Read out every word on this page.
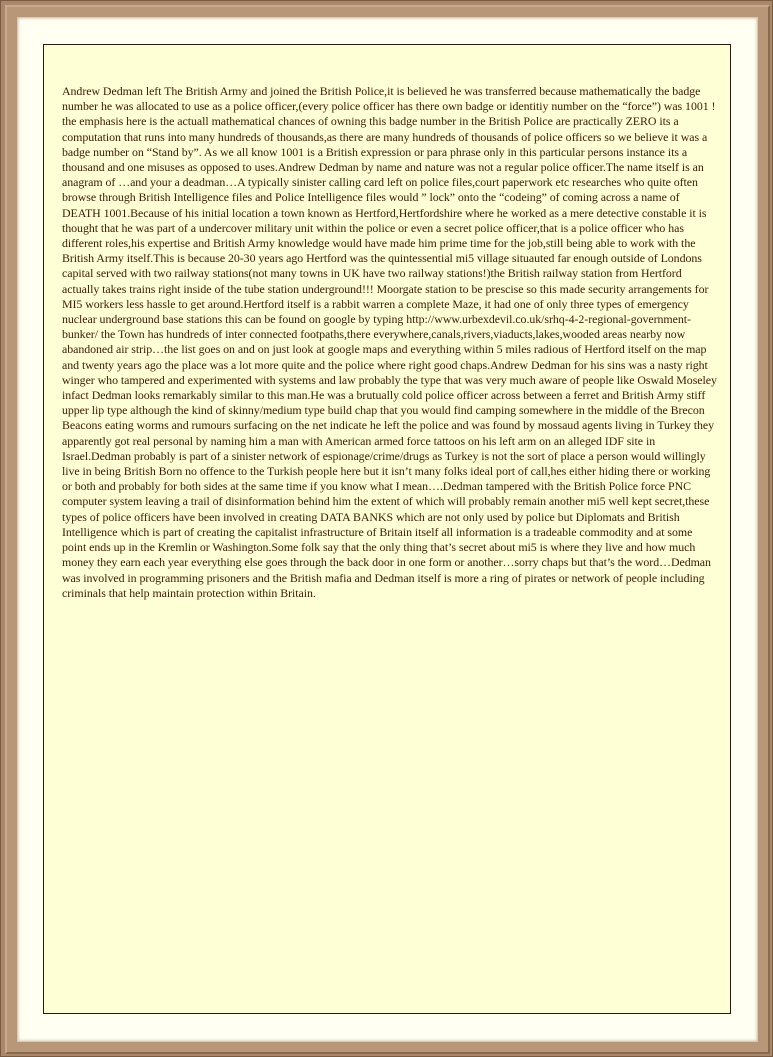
Andrew Dedman left The British Army and joined the British Police,it is believed he was transferred because mathematically the badge number he was allocated to use as a police officer,(every police officer has there own badge or identitiy number on the “force”) was 1001 ! the emphasis here is the actuall mathematical chances of owning this badge number in the British Police are practically ZERO its a computation that runs into many hundreds of thousands,as there are many hundreds of thousands of police officers so we believe it was a badge number on “Stand by”. As we all know 1001 is a British expression or para phrase only in this particular persons instance its a thousand and one misuses as opposed to uses.Andrew Dedman by name and nature was not a regular police officer.The name itself is an anagram of …and your a deadman…A typically sinister calling card left on police files,court paperwork etc researches who quite often browse through British Intelligence files and Police Intelligence files would ” lock” onto the “codeing” of coming across a name of DEATH 1001.Because of his initial location a town known as Hertford,Hertfordshire where he worked as a mere detective constable it is thought that he was part of a undercover military unit within the police or even a secret police officer,that is a police officer who has different roles,his expertise and British Army knowledge would have made him prime time for the job,still being able to work with the British Army itself.This is because 20-30 years ago Hertford was the quintessential mi5 village situauted far enough outside of Londons capital served with two railway stations(not many towns in UK have two railway stations!)the British railway station from Hertford actually takes trains right inside of the tube station underground!!! Moorgate station to be prescise so this made security arrangements for MI5 workers less hassle to get around.Hertford itself is a rabbit warren a complete Maze, it had one of only three types of emergency nuclear underground base stations this can be found on google by typing http://www.urbexdevil.co.uk/srhq-4-2-regional-government-bunker/ the Town has hundreds of inter connected footpaths,there everywhere,canals,rivers,viaducts,lakes,wooded areas nearby now abandoned air strip…the list goes on and on just look at google maps and everything within 5 miles radious of Hertford itself on the map and twenty years ago the place was a lot more quite and the police where right good chaps.Andrew Dedman for his sins was a nasty right winger who tampered and experimented with systems and law probably the type that was very much aware of people like Oswald Moseley infact Dedman looks remarkably similar to this man.He was a brutually cold police officer across between a ferret and British Army stiff upper lip type although the kind of skinny/medium type build chap that you would find camping somewhere in the middle of the Brecon Beacons eating worms and rumours surfacing on the net indicate he left the police and was found by mossaud agents living in Turkey they apparently got real personal by naming him a man with American armed force tattoos on his left arm on an alleged IDF site in Israel.Dedman probably is part of a sinister network of espionage/crime/drugs as Turkey is not the sort of place a person would willingly live in being British Born no offence to the Turkish people here but it isn’t many folks ideal port of call,hes either hiding there or working or both and probably for both sides at the same time if you know what I mean….Dedman tampered with the British Police force PNC computer system leaving a trail of disinformation behind him the extent of which will probably remain another mi5 well kept secret,these types of police officers have been involved in creating DATA BANKS which are not only used by police but Diplomats and British Intelligence which is part of creating the capitalist infrastructure of Britain itself all information is a tradeable commodity and at some point ends up in the Kremlin or Washington.Some folk say that the only thing that’s secret about mi5 is where they live and how much money they earn each year everything else goes through the back door in one form or another…sorry chaps but that’s the word…Dedman was involved in programming prisoners and the British mafia and Dedman itself is more a ring of pirates or network of people including criminals that help maintain protection within Britain.
